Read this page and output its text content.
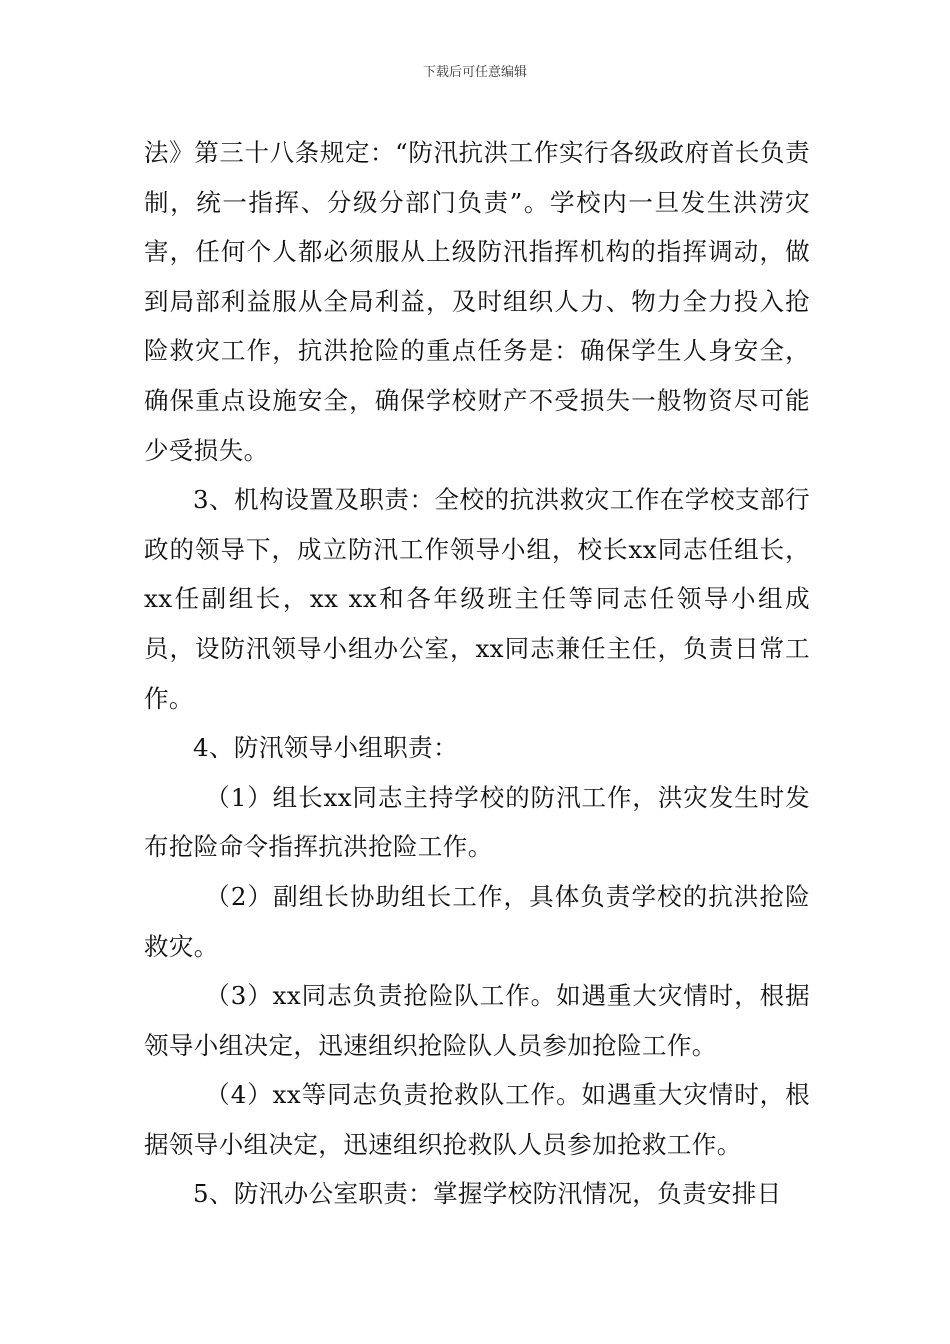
下载后可任意编辑

法》第三十八条规定：“防汛抗洪工作实行各级政府首长负责制，统一指挥、分级分部门负责”。学校内一旦发生洪涝灾害，任何个人都必须服从上级防汛指挥机构的指挥调动，做到局部利益服从全局利益，及时组织人力、物力全力投入抢险救灾工作，抗洪抢险的重点任务是：确保学生人身安全，确保重点设施安全，确保学校财产不受损失一般物资尽可能少受损失。

3、机构设置及职责：全校的抗洪救灾工作在学校支部行政的领导下，成立防汛工作领导小组，校长xx同志任组长，xx任副组长，xx xx和各年级班主任等同志任领导小组成员，设防汛领导小组办公室，xx同志兼任主任，负责日常工作。

4、防汛领导小组职责：

（1）组长xx同志主持学校的防汛工作，洪灾发生时发布抢险命令指挥抗洪抢险工作。

（2）副组长协助组长工作，具体负责学校的抗洪抢险救灾。

（3）xx同志负责抢险队工作。如遇重大灾情时，根据领导小组决定，迅速组织抢险队人员参加抢险工作。

（4）xx等同志负责抢救队工作。如遇重大灾情时，根据领导小组决定，迅速组织抢救队人员参加抢救工作。

5、防汛办公室职责：掌握学校防汛情况，负责安排日
